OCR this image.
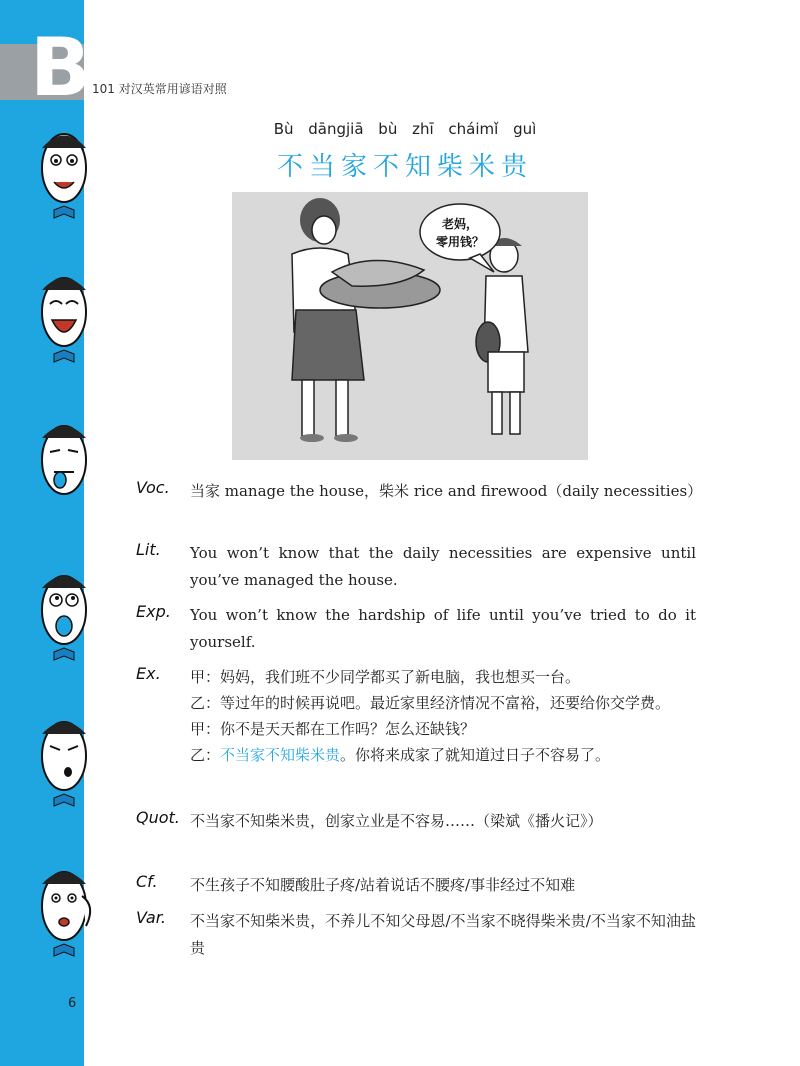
B 101 对汉英常用谚语对照
Bù dāngjiā bù zhī cháimǐ guì
不当家不知柴米贵
老妈，
零用钱？
Voc. 当家 manage the house，柴米 rice and firewood（daily necessities）
Lit. You won’t know that the daily necessities are expensive until you’ve managed the house.
Exp. You won’t know the hardship of life until you’ve tried to do it yourself.
Ex. 甲：妈妈，我们班不少同学都买了新电脑，我也想买一台。
乙：等过年的时候再说吧。最近家里经济情况不富裕，还要给你交学费。
甲：你不是天天都在工作吗？怎么还缺钱？
乙：不当家不知柴米贵。你将来成家了就知道过日子不容易了。
Quot. 不当家不知柴米贵，创家立业是不容易……（梁斌《播火记》）
Cf. 不生孩子不知腰酸肚子疼/站着说话不腰疼/事非经过不知难
Var. 不当家不知柴米贵，不养儿不知父母恩/不当家不晓得柴米贵/不当家不知油盐贵
6
